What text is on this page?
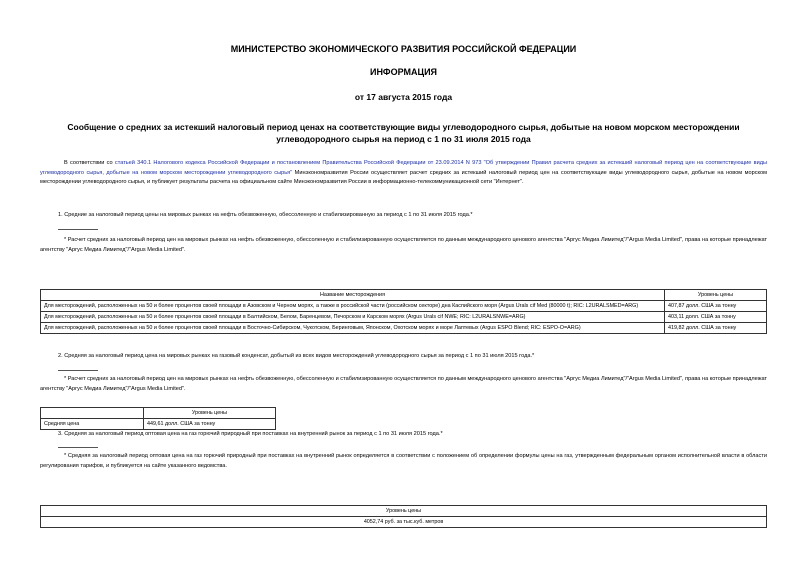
МИНИСТЕРСТВО ЭКОНОМИЧЕСКОГО РАЗВИТИЯ РОССИЙСКОЙ ФЕДЕРАЦИИ
ИНФОРМАЦИЯ
от 17 августа 2015 года
Сообщение о средних за истекший налоговый период ценах на соответствующие виды углеводородного сырья, добытые на новом морском месторождении углеводородного сырья на период с 1 по 31 июля 2015 года
В соответствии со статьей 340.1 Налогового кодекса Российской Федерации и постановлением Правительства Российской Федерации от 23.09.2014 N 973 "Об утверждении Правил расчета средних за истекший налоговый период цен на соответствующие виды углеводородного сырья, добытые на новом морском месторождении углеводородного сырья" Минэкономразвития России осуществляет расчет средних за истекший налоговый период цен на соответствующие виды углеводородного сырья, добытые на новом морском месторождении углеводородного сырья, и публикует результаты расчета на официальном сайте Минэкономразвития России в информационно-телекоммуникационной сети "Интернет".
1. Средние за налоговый период цены на мировых рынках на нефть обезвоженную, обессоленную и стабилизированную за период с 1 по 31 июля 2015 года.*
* Расчет средних за налоговый период цен на мировых рынках на нефть обезвоженную, обессоленную и стабилизированную осуществляется по данным международного ценового агентства "Аргус Медиа Лимитед"/"Argus Media Limited", права на которые принадлежат агентству "Аргус Медиа Лимитед"/"Argus Media Limited".
Название месторождения	Уровень цены
Для месторождений, расположенных на 50 и более процентов своей площади в Азовском и Черном морях, а также в российской части (российском секторе) дна Каспийского моря (Argus Urals cif Med (80000 t); RIC: L2URALSMED=ARG)	407,87 долл. США за тонну
Для месторождений, расположенных на 50 и более процентов своей площади в Балтийском, Белом, Баренцевом, Печорском и Карском морях (Argus Urals cif NWE; RIC: L2URALSNWE=ARG)	403,11 долл. США за тонну
Для месторождений, расположенных на 50 и более процентов своей площади в Восточно-Сибирском, Чукотском, Беринговым, Японском, Охотском морях и море Лаптевых (Argus ESPO Blend; RIC: ESPO-O=ARG)	419,82 долл. США за тонну
2. Средняя за налоговый период цена на мировых рынках на газовый конденсат, добытый из всех видов месторождений углеводородного сырья за период с 1 по 31 июля 2015 года.*
* Расчет средних за налоговый период цен на мировых рынках на нефть обезвоженную, обессоленную и стабилизированную осуществляется по данным международного ценового агентства "Аргус Медиа Лимитед"/"Argus Media Limited", права на которые принадлежат агентству "Аргус Медиа Лимитед"/"Argus Media Limited".
	Уровень цены
Средняя цена	449,61 долл. США за тонну
3. Средняя за налоговый период оптовая цена на газ горючий природный при поставках на внутренний рынок за период с 1 по 31 июля 2015 года.*
* Средняя за налоговый период оптовая цена на газ горючий природный при поставках на внутренний рынок определяется в соответствии с положением об определении формулы цены на газ, утвержденным федеральным органом исполнительной власти в области регулирования тарифов, и публикуется на сайте указанного ведомства.
Уровень цены
4052,74 руб. за тыс.куб. метров
